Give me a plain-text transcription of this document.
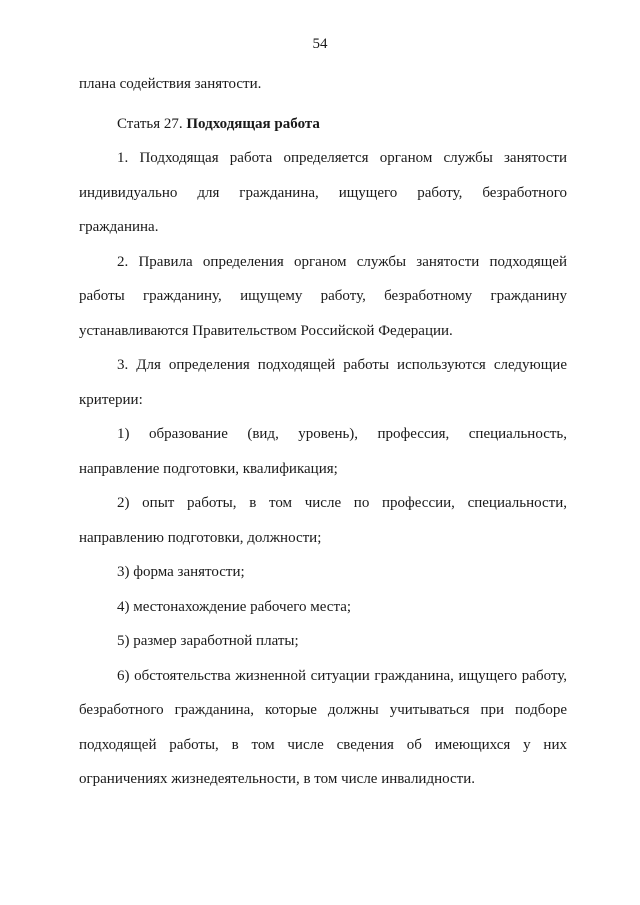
54

плана содействия занятости.

Статья 27. Подходящая работа

1. Подходящая работа определяется органом службы занятости индивидуально для гражданина, ищущего работу, безработного гражданина.

2. Правила определения органом службы занятости подходящей работы гражданину, ищущему работу, безработному гражданину устанавливаются Правительством Российской Федерации.

3. Для определения подходящей работы используются следующие критерии:

1) образование (вид, уровень), профессия, специальность, направление подготовки, квалификация;

2) опыт работы, в том числе по профессии, специальности, направлению подготовки, должности;

3) форма занятости;

4) местонахождение рабочего места;

5) размер заработной платы;

6) обстоятельства жизненной ситуации гражданина, ищущего работу, безработного гражданина, которые должны учитываться при подборе подходящей работы, в том числе сведения об имеющихся у них ограничениях жизнедеятельности, в том числе инвалидности.
